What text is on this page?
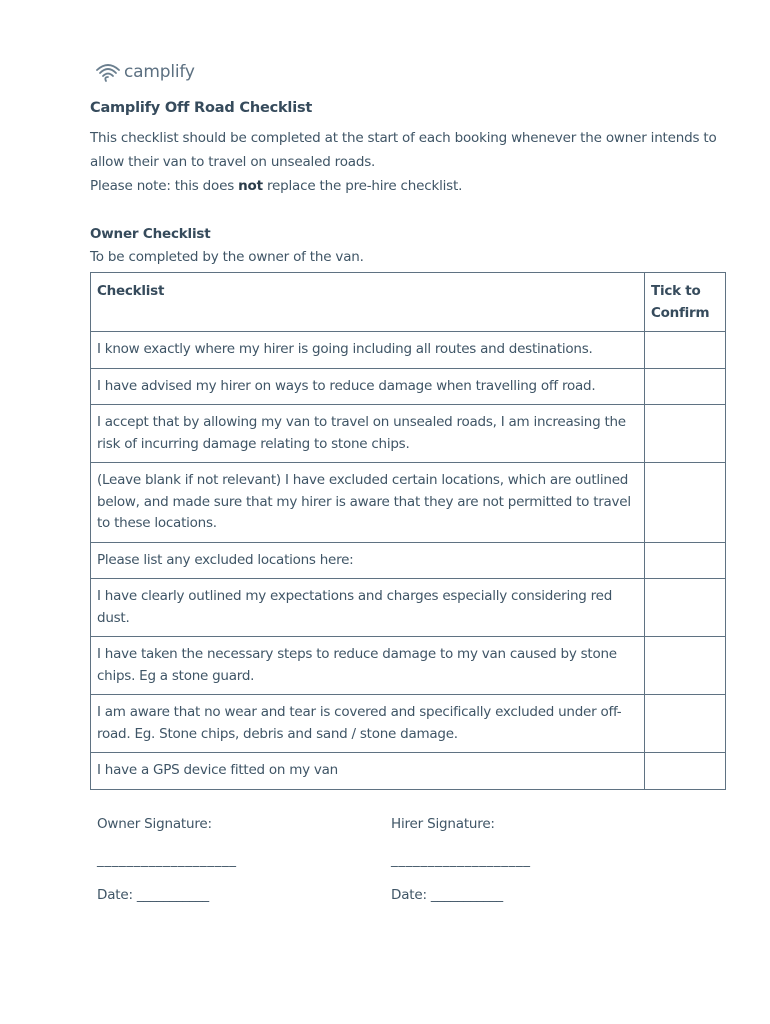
camplify
Camplify Off Road Checklist

This checklist should be completed at the start of each booking whenever the owner intends to allow their van to travel on unsealed roads.

Please note: this does not replace the pre-hire checklist.

Owner Checklist
To be completed by the owner of the van.
Checklist	Tick to Confirm
I know exactly where my hirer is going including all routes and destinations.	
I have advised my hirer on ways to reduce damage when travelling off road.	
I accept that by allowing my van to travel on unsealed roads, I am increasing the risk of incurring damage relating to stone chips.	
(Leave blank if not relevant) I have excluded certain locations, which are outlined below, and made sure that my hirer is aware that they are not permitted to travel to these locations.	
Please list any excluded locations here:	
I have clearly outlined my expectations and charges especially considering red dust.	
I have taken the necessary steps to reduce damage to my van caused by stone chips. Eg a stone guard.	
I am aware that no wear and tear is covered and specifically excluded under off-road. Eg. Stone chips, debris and sand / stone damage.	
I have a GPS device fitted on my van	
Owner Signature:	Hirer Signature:
___________________	___________________
Date: ___________	Date: ___________
